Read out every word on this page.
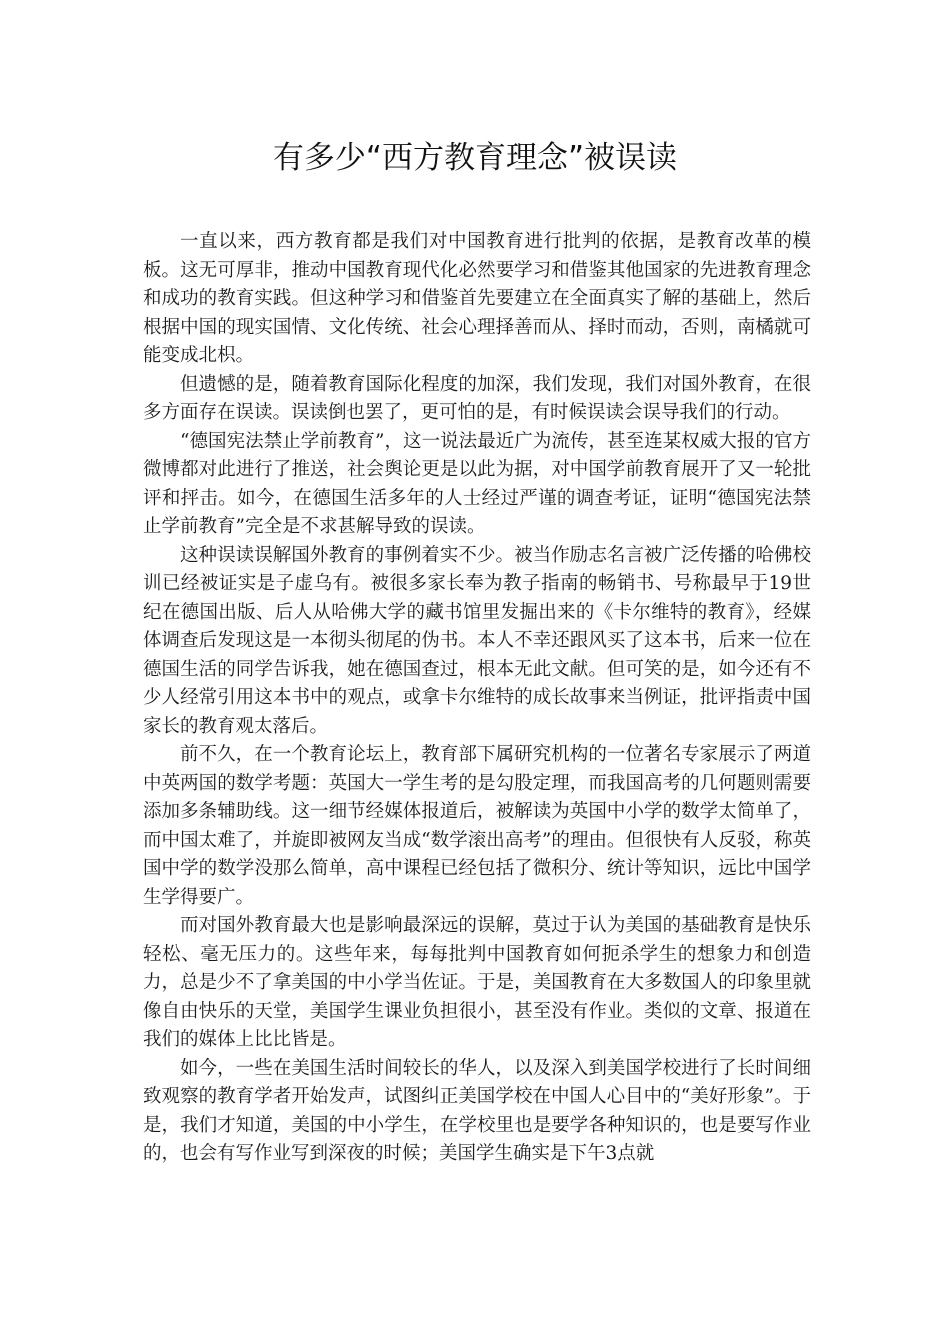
有多少“西方教育理念”被误读

一直以来，西方教育都是我们对中国教育进行批判的依据，是教育改革的模板。这无可厚非，推动中国教育现代化必然要学习和借鉴其他国家的先进教育理念和成功的教育实践。但这种学习和借鉴首先要建立在全面真实了解的基础上，然后根据中国的现实国情、文化传统、社会心理择善而从、择时而动，否则，南橘就可能变成北枳。

但遗憾的是，随着教育国际化程度的加深，我们发现，我们对国外教育，在很多方面存在误读。误读倒也罢了，更可怕的是，有时候误读会误导我们的行动。

“德国宪法禁止学前教育”，这一说法最近广为流传，甚至连某权威大报的官方微博都对此进行了推送，社会舆论更是以此为据，对中国学前教育展开了又一轮批评和抨击。如今，在德国生活多年的人士经过严谨的调查考证，证明“德国宪法禁止学前教育”完全是不求甚解导致的误读。

这种误读误解国外教育的事例着实不少。被当作励志名言被广泛传播的哈佛校训已经被证实是子虚乌有。被很多家长奉为教子指南的畅销书、号称最早于19世纪在德国出版、后人从哈佛大学的藏书馆里发掘出来的《卡尔维特的教育》，经媒体调查后发现这是一本彻头彻尾的伪书。本人不幸还跟风买了这本书，后来一位在德国生活的同学告诉我，她在德国查过，根本无此文献。但可笑的是，如今还有不少人经常引用这本书中的观点，或拿卡尔维特的成长故事来当例证，批评指责中国家长的教育观太落后。

前不久，在一个教育论坛上，教育部下属研究机构的一位著名专家展示了两道中英两国的数学考题：英国大一学生考的是勾股定理，而我国高考的几何题则需要添加多条辅助线。这一细节经媒体报道后，被解读为英国中小学的数学太简单了，而中国太难了，并旋即被网友当成“数学滚出高考”的理由。但很快有人反驳，称英国中学的数学没那么简单，高中课程已经包括了微积分、统计等知识，远比中国学生学得要广。

而对国外教育最大也是影响最深远的误解，莫过于认为美国的基础教育是快乐轻松、毫无压力的。这些年来，每每批判中国教育如何扼杀学生的想象力和创造力，总是少不了拿美国的中小学当佐证。于是，美国教育在大多数国人的印象里就像自由快乐的天堂，美国学生课业负担很小，甚至没有作业。类似的文章、报道在我们的媒体上比比皆是。

如今，一些在美国生活时间较长的华人，以及深入到美国学校进行了长时间细致观察的教育学者开始发声，试图纠正美国学校在中国人心目中的“美好形象”。于是，我们才知道，美国的中小学生，在学校里也是要学各种知识的，也是要写作业的，也会有写作业写到深夜的时候；美国学生确实是下午3点就
